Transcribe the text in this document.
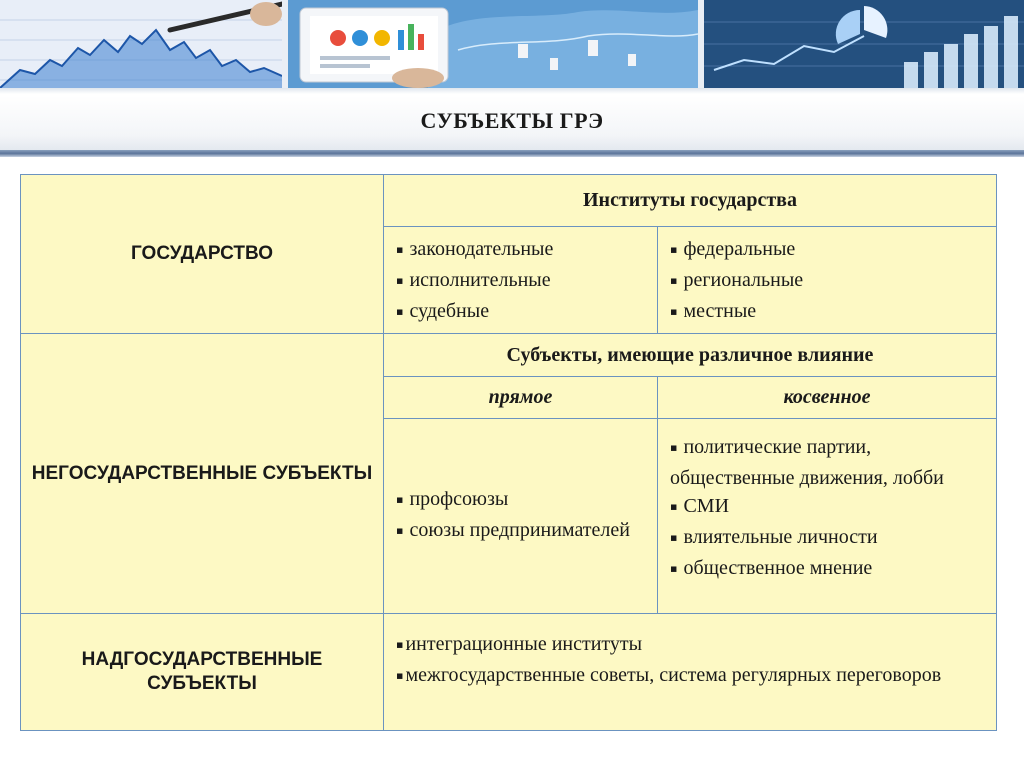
СУБЪЕКТЫ ГРЭ
ГОСУДАРСТВО
Институты государства
▪ законодательные
▪ исполнительные
▪ судебные
▪ федеральные
▪ региональные
▪ местные
НЕГОСУДАРСТВЕННЫЕ СУБЪЕКТЫ
Субъекты, имеющие различное влияние
прямое	косвенное
▪ профсоюзы
▪ союзы предпринимателей
▪ политические партии, общественные движения, лобби
▪ СМИ
▪ влиятельные личности
▪ общественное мнение
НАДГОСУДАРСТВЕННЫЕ СУБЪЕКТЫ
▪ интеграционные институты
▪ межгосударственные советы, система регулярных переговоров
